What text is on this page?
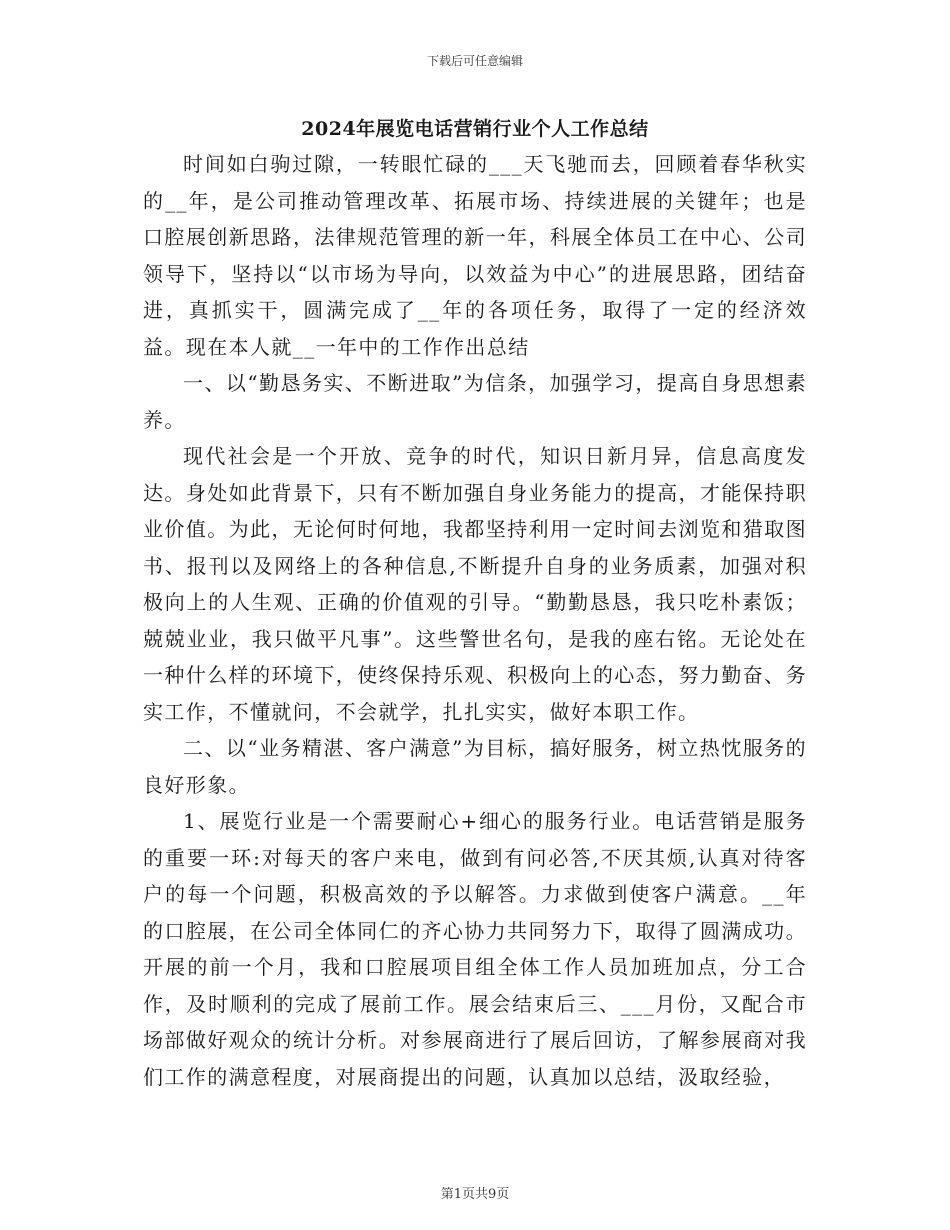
下载后可任意编辑
2024年展览电话营销行业个人工作总结

时间如白驹过隙，一转眼忙碌的___天飞驰而去，回顾着春华秋实的__年，是公司推动管理改革、拓展市场、持续进展的关键年；也是口腔展创新思路，法律规范管理的新一年，科展全体员工在中心、公司领导下，坚持以“以市场为导向，以效益为中心”的进展思路，团结奋进，真抓实干，圆满完成了__年的各项任务，取得了一定的经济效益。现在本人就__一年中的工作作出总结

一、以“勤恳务实、不断进取”为信条，加强学习，提高自身思想素养。

现代社会是一个开放、竞争的时代，知识日新月异，信息高度发达。身处如此背景下，只有不断加强自身业务能力的提高，才能保持职业价值。为此，无论何时何地，我都坚持利用一定时间去浏览和猎取图书、报刊以及网络上的各种信息,不断提升自身的业务质素，加强对积极向上的人生观、正确的价值观的引导。“勤勤恳恳，我只吃朴素饭；兢兢业业，我只做平凡事”。这些警世名句，是我的座右铭。无论处在一种什么样的环境下，使终保持乐观、积极向上的心态，努力勤奋、务实工作，不懂就问，不会就学，扎扎实实，做好本职工作。

二、以“业务精湛、客户满意”为目标，搞好服务，树立热忱服务的良好形象。

1、展览行业是一个需要耐心+细心的服务行业。电话营销是服务的重要一环:对每天的客户来电，做到有问必答,不厌其烦,认真对待客户的每一个问题，积极高效的予以解答。力求做到使客户满意。__年的口腔展，在公司全体同仁的齐心协力共同努力下，取得了圆满成功。开展的前一个月，我和口腔展项目组全体工作人员加班加点，分工合作，及时顺利的完成了展前工作。展会结束后三、___月份，又配合市场部做好观众的统计分析。对参展商进行了展后回访，了解参展商对我们工作的满意程度，对展商提出的问题，认真加以总结，汲取经验，

第1页共9页
